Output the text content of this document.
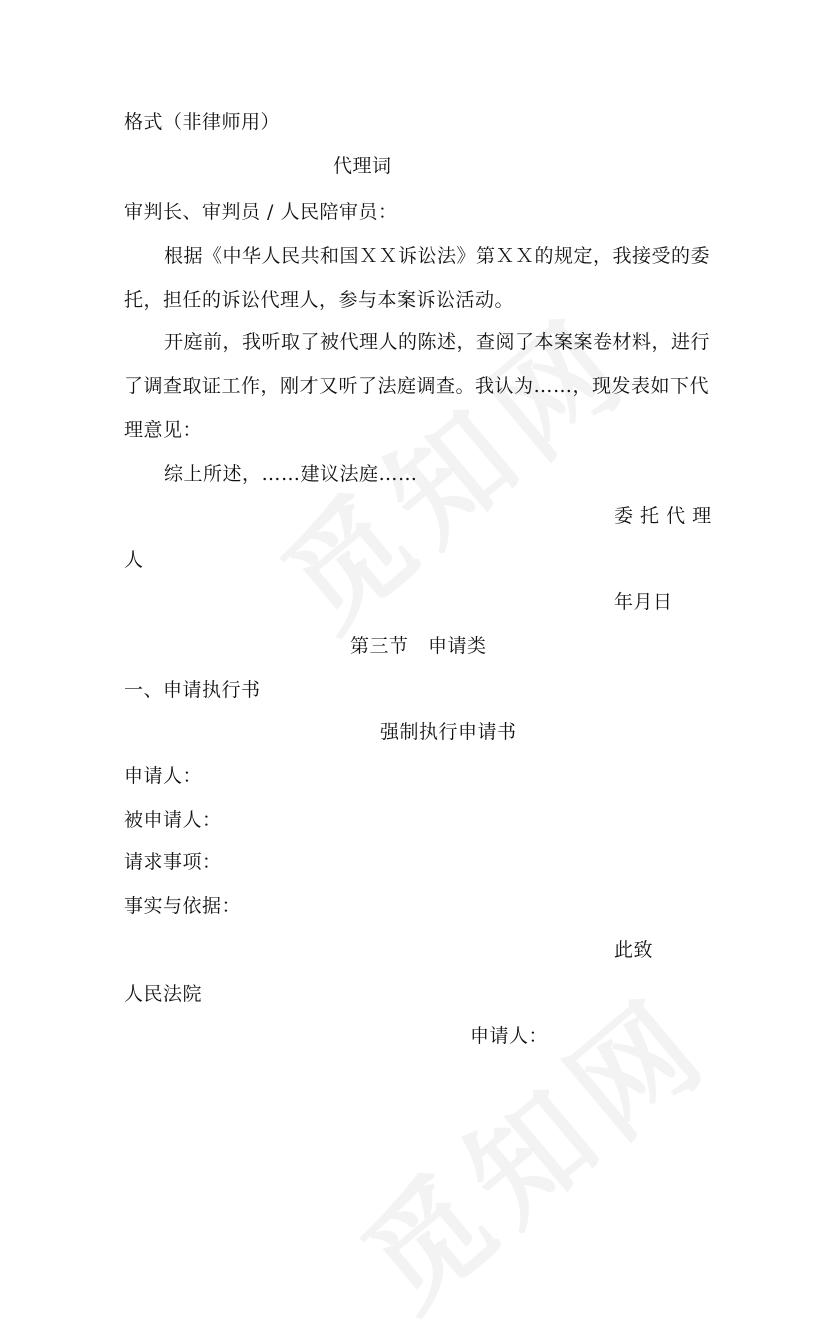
格式（非律师用）
代理词
审判长、审判员 / 人民陪审员：
根据《中华人民共和国ＸＸ诉讼法》第ＸＸ的规定，我接受的委
托，担任的诉讼代理人，参与本案诉讼活动。
开庭前，我听取了被代理人的陈述，查阅了本案案卷材料，进行
了调查取证工作，刚才又听了法庭调查。我认为……，现发表如下代
理意见：
综上所述，……建议法庭……
委 托 代 理
人
年月日
第三节　申请类
一、申请执行书
强制执行申请书
申请人：
被申请人：
请求事项：
事实与依据：
此致
人民法院
申请人：
